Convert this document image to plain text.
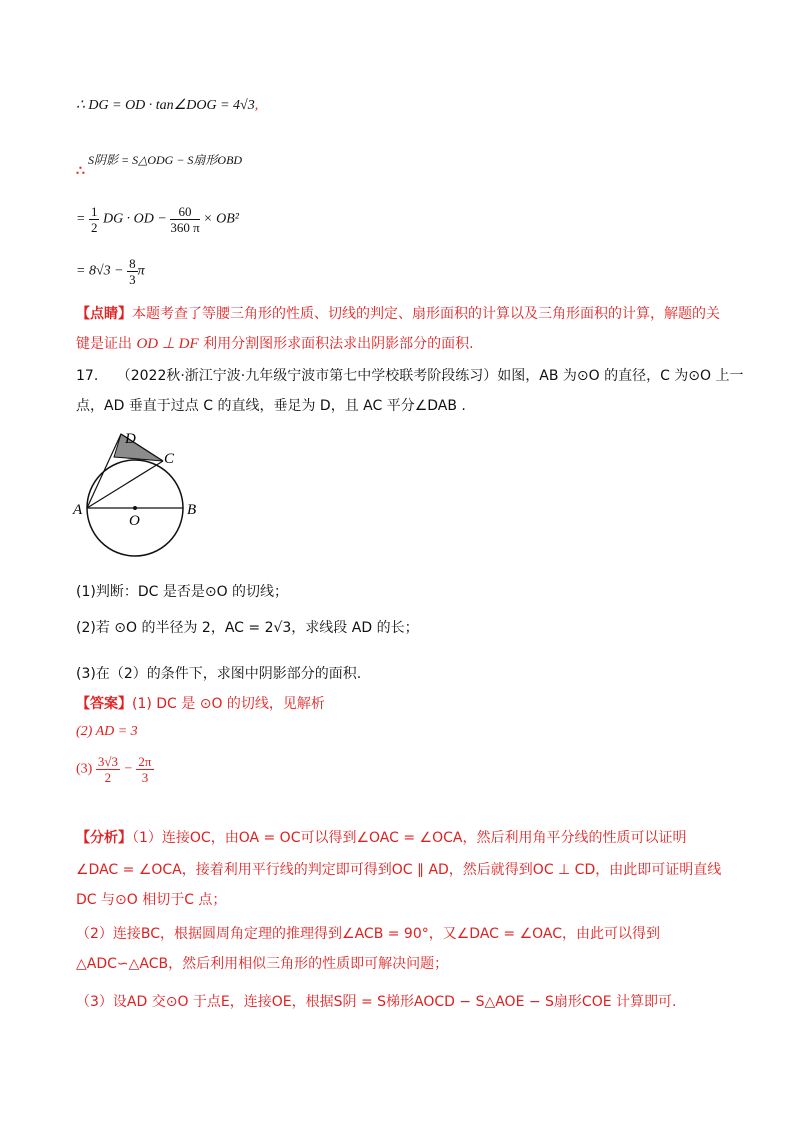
∴ DG = OD · tan∠DOG = 4√3,
∴
S阴影 = S△ODG − S扇形OBD
= $\frac{1}{2}$ DG · OD − $\frac{60}{360 \pi} \times OB^2$
= $8√3 - \frac{8}{3}$ π
【点睛】本题考查了等腰三角形的性质、切线的判定、扇形面积的计算以及三角形面积的计算，解题的关
键是证出 OD ⊥ DF 利用分割图形求面积法求出阴影部分的面积.
17. （2022秋·浙江宁波·九年级宁波市第七中学校联考阶段练习）如图，AB 为⊙O 的直径，C 为⊙O 上一
点，AD 垂直于过点 C 的直线，垂足为 D，且 AC 平分∠DAB .
D
C
A
O
B
(1)判断：DC 是否是⊙O 的切线；
(2)若 ⊙O 的半径为 2，AC = 2√3，求线段 AD 的长；
(3)在（2）的条件下，求图中阴影部分的面积.
【答案】(1) DC 是 ⊙O 的切线，见解析
(2) AD = 3
$(3) \frac{3√3}{2} - \frac{2\pi}{3}$
【分析】（1）连接OC，由OA = OC可以得到∠OAC = ∠OCA，然后利用角平分线的性质可以证明
∠DAC = ∠OCA，接着利用平行线的判定即可得到OC ∥ AD，然后就得到OC ⊥ CD，由此即可证明直线
DC 与⊙O 相切于C 点；
（2）连接BC，根据圆周角定理的推理得到∠ACB = 90°，又∠DAC = ∠OAC，由此可以得到
△ADC∽△ACB，然后利用相似三角形的性质即可解决问题；
（3）设AD 交⊙O 于点E，连接OE，根据S阴 = S梯形AOCD − S△AOE − S扇形COE 计算即可.
